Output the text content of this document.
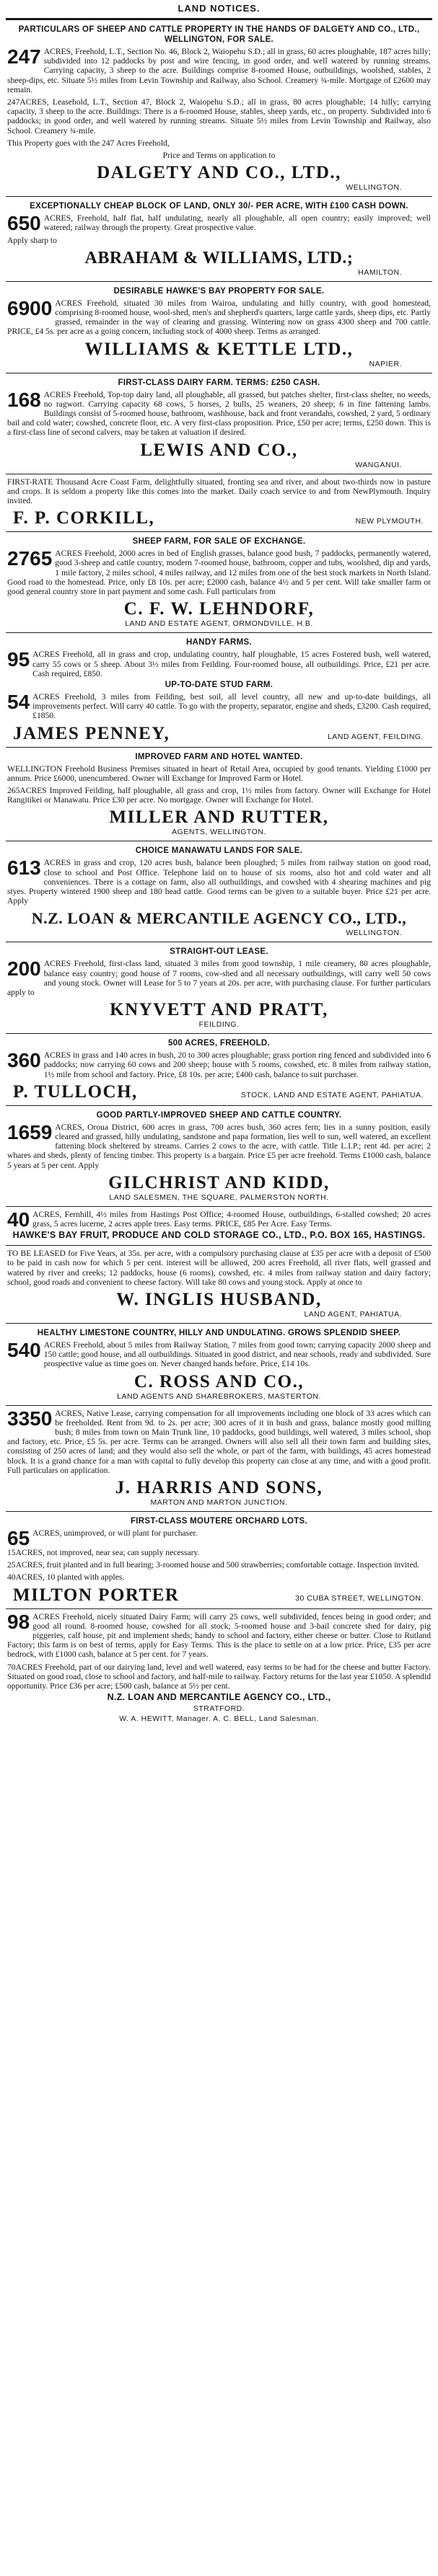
LAND NOTICES.
PARTICULARS OF SHEEP AND CATTLE PROPERTY IN THE HANDS OF DALGETY AND CO., LTD., WELLINGTON, FOR SALE.

247 ACRES, Freehold, L.T., Section No. 46, Block 2, Waiopehu S.D.; all in grass, 60 acres ploughable, 187 acres hilly; subdivided into 12 paddocks by post and wire fencing, in good order, and well watered by running streams. Carrying capacity, 3 sheep to the acre. Buildings comprise 8-roomed House, outbuildings, woolshed, stables, 2 sheep-dips, etc. Situate 5½ miles from Levin Township and Railway, also School. Creamery ¾-mile. Mortgage of £2600 may remain.

247ACRES, Leasehold, L.T., Section 47, Block 2, Waiopehu S.D.; all in grass, 80 acres ploughable; 14 hilly; carrying capacity, 3 sheep to the acre. Buildings: There is a 6-roomed House, stables, sheep yards, etc., on property. Subdivided into 6 paddocks; in good order, and well watered by running streams. Situate 5½ miles from Levin Township and Railway, also School. Creamery ¾-mile.

This Property goes with the 247 Acres Freehold,

Price and Terms on application to

DALGETY AND CO., LTD.,
WELLINGTON.
EXCEPTIONALLY CHEAP BLOCK OF LAND, ONLY 30/- PER ACRE, WITH £100 CASH DOWN.

650 ACRES, Freehold, half flat, half undulating, nearly all ploughable, all open country; easily improved; well watered; railway through the property. Great prospective value.

Apply sharp to

ABRAHAM & WILLIAMS, LTD.;
HAMILTON.
DESIRABLE HAWKE'S BAY PROPERTY FOR SALE.

6900 ACRES Freehold, situated 30 miles from Wairoa, undulating and hilly country, with good homestead, comprising 8-roomed house, wool-shed, men's and shepherd's quarters, large cattle yards, sheep dips, etc. Partly grassed, remainder in the way of clearing and grassing. Wintering now on grass 4300 sheep and 700 cattle. PRICE, £4 5s. per acre as a going concern, including stock of 4000 sheep. Terms as arranged.

WILLIAMS & KETTLE LTD.,
NAPIER.
FIRST-CLASS DAIRY FARM. TERMS: £250 CASH.

168 ACRES Freehold, Top-top dairy land, all ploughable, all grassed, but patches shelter, first-class shelter, no weeds, no ragwort. Carrying capacity 68 cows, 5 horses, 2 bulls, 25 weaners, 20 sheep; 6 in fine fattening lambs. Buildings consist of 5-roomed house, bathroom, washhouse, back and front verandahs, cowshed, 2 yard, 5 ordinary bail and cold water; cowshed, concrete floor, etc. A very first-class proposition. Price, £50 per acre; terms, £250 down. This is a first-class line of second calvers, may be taken at valuation if desired.

LEWIS AND CO.,
WANGANUI.

FIRST-RATE Thousand Acre Coast Farm, delightfully situated, fronting sea and river, and about two-thirds now in pasture and crops. It is seldom a property like this comes into the market. Daily coach service to and from NewPlymouth. Inquiry invited.

F. P. CORKILL,	NEW PLYMOUTH.
SHEEP FARM, FOR SALE OF EXCHANGE.

2765 ACRES Freehold, 2000 acres in bed of English grasses, balance good bush, 7 paddocks, permanently watered, good 3-sheep and cattle country, modern 7-roomed house, bathroom, copper and tubs, woolshed, dip and yards, 1 mile factory, 2 miles school, 4 miles railway, and 12 miles from one of the best stock markets in North Island. Good road to the homestead. Price, only £8 10s. per acre; £2000 cash, balance 4½ and 5 per cent. Will take smaller farm or good general country store in part payment and some cash. Full particulars from

C. F. W. LEHNDORF,
LAND AND ESTATE AGENT, ORMONDVILLE, H.B.
HANDY FARMS.

95 ACRES Freehold, all in grass and crop, undulating country, half ploughable, 15 acres Fostered bush, well watered, carry 55 cows or 5 sheep. About 3½ miles from Feilding. Four-roomed house, all outbuildings. Price, £21 per acre. Cash required, £850.

UP-TO-DATE STUD FARM.

54 ACRES Freehold, 3 miles from Feilding, best soil, all level country, all new and up-to-date buildings, all improvements perfect. Will carry 40 cattle. To go with the property, separator, engine and sheds, £3200. Cash required, £1850.

JAMES PENNEY,	LAND AGENT, FEILDING.
IMPROVED FARM AND HOTEL WANTED.

WELLINGTON Freehold Business Premises situated in heart of Retail Area, occupied by good tenants. Yielding £1000 per annum. Price £6000, unencumbered. Owner will Exchange for Improved Farm or Hotel.

265ACRES Improved Feilding, half ploughable, all grass and crop, 1½ miles from factory. Owner will Exchange for Hotel Rangitikei or Manawatu. Price £30 per acre. No mortgage. Owner will Exchange for Hotel.

MILLER AND RUTTER,
AGENTS, WELLINGTON.
CHOICE MANAWATU LANDS FOR SALE.

613 ACRES in grass and crop, 120 acres bush, balance been ploughed; 5 miles from railway station on good road, close to school and Post Office. Telephone laid on to house of six rooms, also hot and cold water and all conveniences. There is a cottage on farm, also all outbuildings, and cowshed with 4 shearing machines and pig styes. Property wintered 1900 sheep and 180 head cattle. Good terms can be given to a suitable buyer. Price £21 per acre. Apply

N.Z. LOAN & MERCANTILE AGENCY CO., LTD.,
WELLINGTON.
STRAIGHT-OUT LEASE.

200 ACRES Freehold, first-class land, situated 3 miles from good township, 1 mile creamery, 80 acres ploughable, balance easy country; good house of 7 rooms, cow-shed and all necessary outbuildings, will carry well 50 cows and young stock. Owner will Lease for 5 to 7 years at 20s. per acre, with purchasing clause. For further particulars apply to

KNYVETT AND PRATT,
FEILDING.
500 ACRES, FREEHOLD.

360 ACRES in grass and 140 acres in bush, 20 to 300 acres ploughable; grass portion ring fenced and subdivided into 6 paddocks; now carrying 60 cows and 200 sheep; house with 5 rooms, cowshed, etc. 8 miles from railway station, 1½ mile from school and factory. Price, £8 10s. per acre; £400 cash, balance to suit purchaser.

P. TULLOCH,	STOCK, LAND AND ESTATE AGENT, PAHIATUA.
GOOD PARTLY-IMPROVED SHEEP AND CATTLE COUNTRY.

1659 ACRES, Oroua District, 600 acres in grass, 700 acres bush, 360 acres fern; lies in a sunny position, easily cleared and grassed, hilly undulating, sandstone and papa formation, lies well to sun, well watered, an excellent fattening block sheltered by streams. Carries 2 cows to the acre, with cattle. Title L.I.P.; rent 4d. per acre; 2 whares and sheds, plenty of fencing timber. This property is a bargain. Price £5 per acre freehold. Terms £1000 cash, balance 5 years at 5 per cent. Apply

GILCHRIST AND KIDD,
LAND SALESMEN, THE SQUARE, PALMERSTON NORTH.

40 ACRES, Fernhill, 4½ miles from Hastings Post Office; 4-roomed House, outbuildings, 6-stalled cowshed; 20 acres grass, 5 acres lucerne, 2 acres apple trees. Easy terms. PRICE, £85 Per Acre. Easy Terms.

HAWKE'S BAY FRUIT, PRODUCE AND COLD STORAGE CO., LTD., P.O. BOX 165, HASTINGS.

TO BE LEASED for Five Years, at 35s. per acre, with a compulsory purchasing clause at £35 per acre with a deposit of £500 to be paid in cash now for which 5 per cent. interest will be allowed, 200 acres Freehold, all river flats, well grassed and watered by river and creeks; 12 paddocks, house (6 rooms), cowshed, etc. 4 miles from railway station and dairy factory; school, good roads and convenient to cheese factory. Will take 80 cows and young stock. Apply at once to

W. INGLIS HUSBAND,
LAND AGENT, PAHIATUA.
HEALTHY LIMESTONE COUNTRY, HILLY AND UNDULATING. GROWS SPLENDID SHEEP.

540 ACRES Freehold, about 5 miles from Railway Station, 7 miles from good town; carrying capacity 2000 sheep and 150 cattle; good house, and all outbuildings. Situated in good district, and near schools, ready and subdivided. Sure prospective value as time goes on. Never changed hands before. Price, £14 10s.

C. ROSS AND CO.,
LAND AGENTS AND SHAREBROKERS, MASTERTON.

3350 ACRES, Native Lease, carrying compensation for all improvements including one block of 33 acres which can be freeholded. Rent from 9d. to 2s. per acre; 300 acres of it in bush and grass, balance mostly good milling bush; 8 miles from town on Main Trunk line, 10 paddocks, good buildings, well watered, 3 miles school, shop and factory, etc. Price, £5 5s. per acre. Terms can be arranged. Owners will also sell all their town farm and building sites, consisting of 250 acres of land; and they would also sell the whole, or part of the farm, with buildings, 45 acres homestead block. It is a grand chance for a man with capital to fully develop this property can close at any time, and with a good profit. Full particulars on application.

J. HARRIS AND SONS,
MARTON AND MARTON JUNCTION.
FIRST-CLASS MOUTERE ORCHARD LOTS.

65 ACRES, unimproved, or will plant for purchaser.

15ACRES, not improved, near sea; can supply necessary.

25ACRES, fruit planted and in full bearing; 3-roomed house and 500 strawberries; comfortable cottage. Inspection invited.

40ACRES, 10 planted with apples.

MILTON PORTER	30 CUBA STREET, WELLINGTON.

98 ACRES Freehold, nicely situated Dairy Farm; will carry 25 cows, well subdivided, fences being in good order; and good all round. 8-roomed house, cowshed for all stock; 5-roomed house and 3-bail concrete shed for dairy, pig piggeries, calf house, pit and implement sheds; handy to school and factory, either cheese or butter. Close to Rutland Factory; this farm is on best of terms, apply for Easy Terms. This is the place to settle on at a low price. Price, £35 per acre bedrock, with £1000 cash, balance at 5 per cent. for 7 years.

70ACRES Freehold, part of our dairying land, level and well watered, easy terms to be had for the cheese and butter Factory. Situated on good road, close to school and factory, and half-mile to railway. Factory returns for the last year £1050. A splendid opportunity. Price £36 per acre; £500 cash, balance at 5½ per cent.

N.Z. LOAN AND MERCANTILE AGENCY CO., LTD.,
STRATFORD.
W. A. HEWITT, Manager. A. C. BELL, Land Salesman.
